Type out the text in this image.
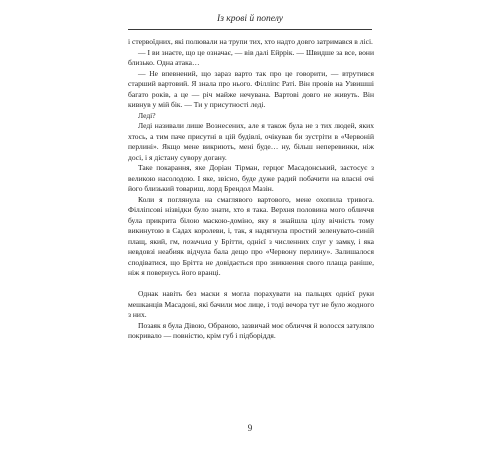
Із крові й попелу

і стервоїдних, які полювали на трупи тих, хто надто довго затримався в лісі.

— І ви знаєте, що це означає, — вів далі Ейррік. — Швидше за все, вони близько. Одна атака…

— Не впевнений, що зараз варто так про це говорити, — втрутився старший вартовий. Я знала про нього. Філліпс Раті. Він провів на Узвишші багато років, а це — річ майже нечувана. Вартові довго не живуть. Він кивнув у мій бік. — Ти у присутності леді.

Леді?

Леді називали лише Вознесених, але я також була не з тих людей, яких хтось, а тим паче присутні в цій будівлі, очікував би зустріти в «Червоній перлині». Якщо мене викриють, мені буде… ну, більш неперевинки, ніж досі, і я дістану сувору догану.

Таке покарання, яке Доріан Тірман, герцог Масадонський, застосує з великою насолодою. І яке, звісно, буде дуже радий побачити на власні очі його близький товариш, лорд Брендол Мазін.

Коли я поглянула на смаглявого вартового, мене охопила тривога. Філліпсові нізвідки було знати, хто я така. Верхня половина мого обличчя була прикрита білою маскою-доміно, яку я знайшла цілу вічність тому викинутою в Садах королеви, і, так, я надягнула простий зеленувато-синій плащ, який, гм, позичила у Брітти, однієї з численних слуг у замку, і яка невдовзі неабияк відчула бала дещо про «Червону перлину». Залишалося сподіватися, що Брітта не довідається про зникнення свого плаща раніше, ніж я повернусь його вранці.

Однак навіть без маски я могла порахувати на пальцях однієї руки мешканців Масадоні, які бачили моє лице, і тоді вечора тут не було жодного з них.

Позаяк я була Дівою, Обраною, зазвичай моє обличчя й волосся затуляло покривало — повністю, крім губ і підборіддя.

9
